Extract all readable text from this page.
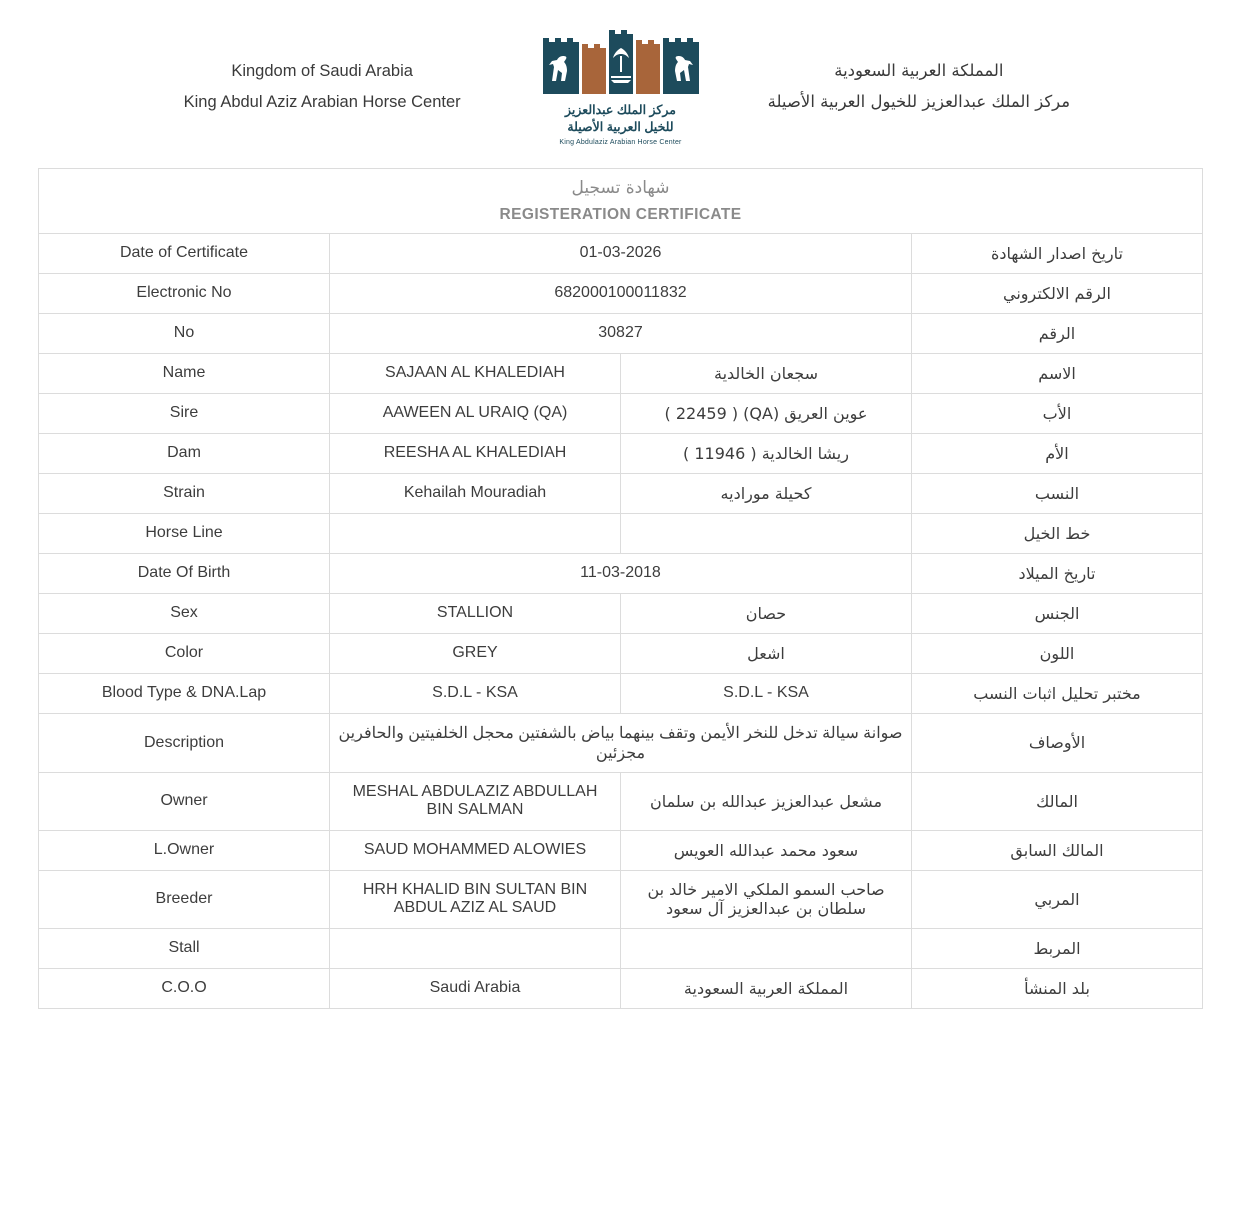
Kingdom of Saudi Arabia
King Abdul Aziz Arabian Horse Center	مركز الملك عبدالعزيز
للخيل العربية الأصيلة
King Abdulaziz Arabian Horse Center
المملكة العربية السعودية
مركز الملك عبدالعزيز للخيول العربية الأصيلة
شهادة تسجيل
REGISTERATION CERTIFICATE			

Date of Certificate	01-03-2026		تاريخ اصدار الشهادة
Electronic No	682000100011832		الرقم الالكتروني
No	30827		الرقم
Name	SAJAAN AL KHALEDIAH	سجعان الخالدية	الاسم
Sire	AAWEEN AL URAIQ (QA)	عوين العريق (QA) ( 22459 )	الأب
Dam	REESHA AL KHALEDIAH	ريشا الخالدية ( 11946 )	الأم
Strain	Kehailah Mouradiah	كحيلة موراديه	النسب
Horse Line			خط الخيل
Date Of Birth	11-03-2018		تاريخ الميلاد
Sex	STALLION	حصان	الجنس
Color	GREY	اشعل	اللون
Blood Type & DNA.Lap	S.D.L - KSA	S.D.L - KSA	مختبر تحليل اثبات النسب
Description	صوانة سيالة تدخل للنخر الأيمن وتقف بينهما بياض بالشفتين محجل الخلفيتين والحافرين مجزئين		الأوصاف
Owner	MESHAL ABDULAZIZ ABDULLAH BIN SALMAN	مشعل عبدالعزيز عبدالله بن سلمان	المالك
L.Owner	SAUD MOHAMMED ALOWIES	سعود محمد عبدالله العويس	المالك السابق
Breeder	HRH KHALID BIN SULTAN BIN ABDUL AZIZ AL SAUD	صاحب السمو الملكي الامير خالد بن سلطان بن عبدالعزيز آل سعود	المربي
Stall			المربط
C.O.O	Saudi Arabia	المملكة العربية السعودية	بلد المنشأ
